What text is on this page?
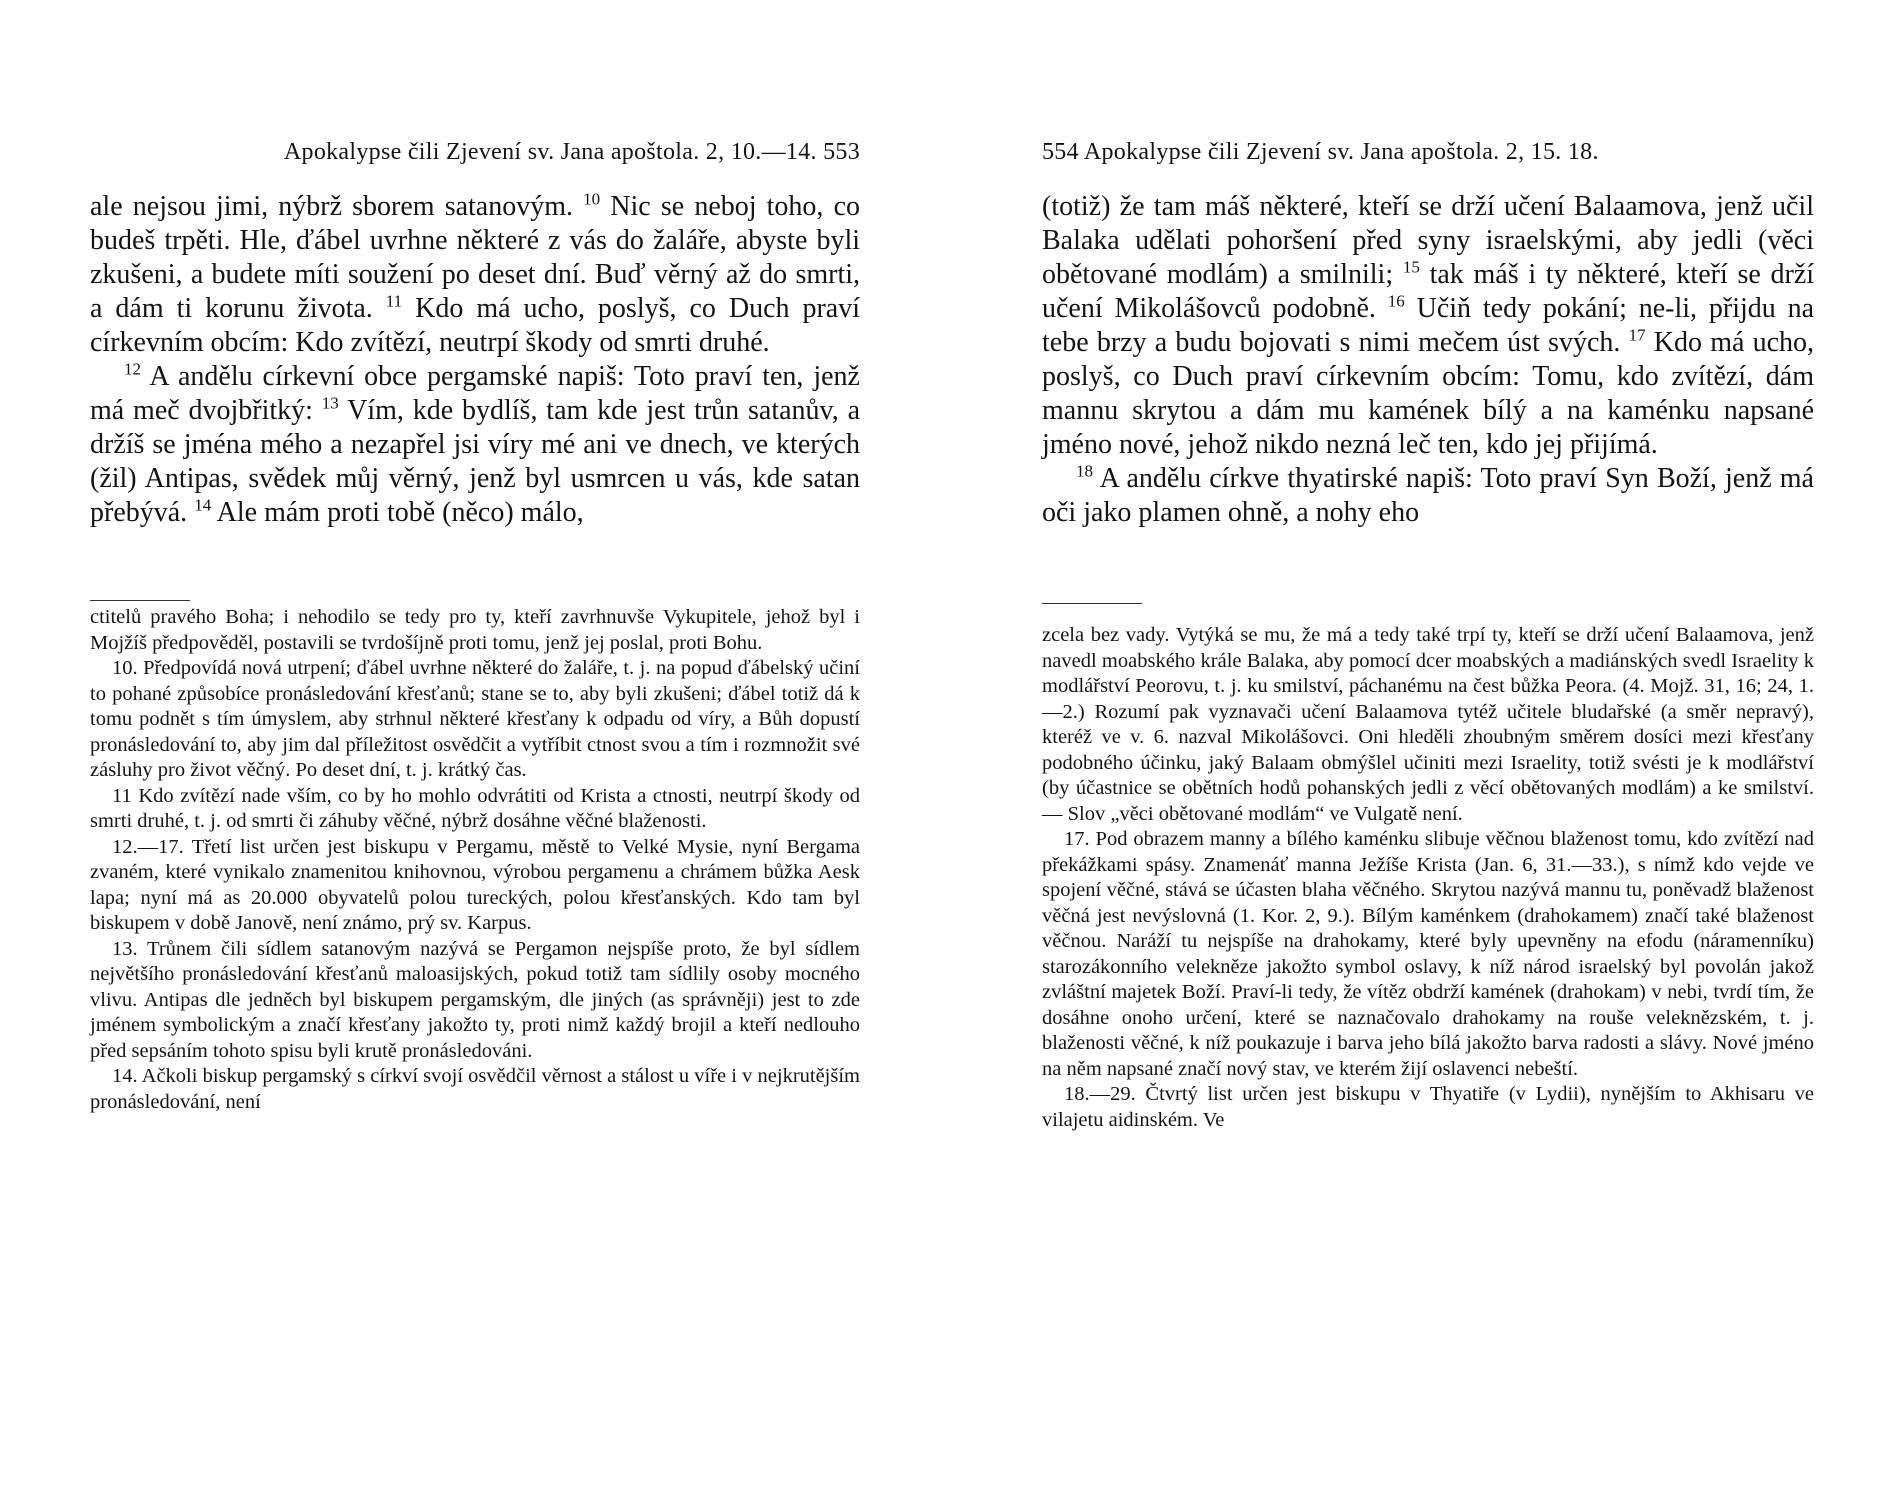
Apokalypse čili Zjevení sv. Jana apoštola. 2, 10.—14. 553

ale nejsou jimi, nýbrž sborem satanovým. $^{10}$ Nic se neboj toho, co budeš trpěti. Hle, ďábel uvrhne některé z vás do žaláře, abyste byli zkušeni, a budete míti soužení po deset dní. Buď věrný až do smrti, a dám ti korunu života. $^{11}$ Kdo má ucho, poslyš, co Duch praví církevním obcím: Kdo zvítězí, neutrpí škody od smrti druhé.

$^{12}$ A andělu církevní obce pergamské napiš: Toto praví ten, jenž má meč dvojbřitký: $^{13}$ Vím, kde bydlíš, tam kde jest trůn satanův, a držíš se jména mého a nezapřel jsi víry mé ani ve dnech, ve kterých (žil) Antipas, svědek můj věrný, jenž byl usmrcen u vás, kde satan přebývá. $^{14}$ Ale mám proti tobě (něco) málo,

ctitelů pravého Boha; i nehodilo se tedy pro ty, kteří zavrhnuvše Vykupitele, jehož byl i Mojžíš předpověděl, postavili se tvrdošíjně proti tomu, jenž jej poslal, proti Bohu.

10. Předpovídá nová utrpení; ďábel uvrhne některé do žaláře, t. j. na popud ďábelský učiní to pohané způsobíce pronásledování křesťanů; stane se to, aby byli zkušeni; ďábel totiž dá k tomu podnět s tím úmyslem, aby strhnul některé křesťany k odpadu od víry, a Bůh dopustí pronásledování to, aby jim dal příležitost osvědčit a vytříbit ctnost svou a tím i rozmnožit své zásluhy pro život věčný. Po deset dní, t. j. krátký čas.

11 Kdo zvítězí nade vším, co by ho mohlo odvrátiti od Krista a ctnosti, neutrpí škody od smrti druhé, t. j. od smrti či záhuby věčné, nýbrž dosáhne věčné blaženosti.

12.—17. Třetí list určen jest biskupu v Pergamu, městě to Velké Mysie, nyní Bergama zvaném, které vynikalo znamenitou knihovnou, výrobou pergamenu a chrámem bůžka Aesk lapa; nyní má as 20.000 obyvatelů polou tureckých, polou křesťanských. Kdo tam byl biskupem v době Janově, není známo, prý sv. Karpus.

13. Trůnem čili sídlem satanovým nazývá se Pergamon nejspíše proto, že byl sídlem největšího pronásledování křesťanů maloasijských, pokud totiž tam sídlily osoby mocného vlivu. Antipas dle jedněch byl biskupem pergamským, dle jiných (as správněji) jest to zde jménem symbolickým a značí křesťany jakožto ty, proti nimž každý brojil a kteří nedlouho před sepsáním tohoto spisu byli krutě pronásledováni.

14. Ačkoli biskup pergamský s církví svojí osvědčil věrnost a stálost u víře i v nejkrutějším pronásledování, není

554 Apokalypse čili Zjevení sv. Jana apoštola. 2, 15. 18.

(totiž) že tam máš některé, kteří se drží učení Balaamova, jenž učil Balaka udělati pohoršení před syny israelskými, aby jedli (věci obětované modlám) a smilnili; $^{15}$ tak máš i ty některé, kteří se drží učení Mikolášovců podobně. $^{16}$ Učiň tedy pokání; ne-li, přijdu na tebe brzy a budu bojovati s nimi mečem úst svých. $^{17}$ Kdo má ucho, poslyš, co Duch praví církevním obcím: Tomu, kdo zvítězí, dám mannu skrytou a dám mu kamének bílý a na kaménku napsané jméno nové, jehož nikdo nezná leč ten, kdo jej přijímá.

$^{18}$ A andělu církve thyatirské napiš: Toto praví Syn Boží, jenž má oči jako plamen ohně, a nohy eho

zcela bez vady. Vytýká se mu, že má a tedy také trpí ty, kteří se drží učení Balaamova, jenž navedl moabského krále Balaka, aby pomocí dcer moabských a madiánských svedl Israelity k modlářství Peorovu, t. j. ku smilství, páchanému na čest bůžka Peora. (4. Mojž. 31, 16; 24, 1.—2.) Rozumí pak vyznavači učení Balaamova tytéž učitele bludařské (a směr nepravý), kteréž ve v. 6. nazval Mikolášovci. Oni hleděli zhoubným směrem dosíci mezi křesťany podobného účinku, jaký Balaam obmýšlel učiniti mezi Israelity, totiž svésti je k modlářství (by účastnice se obětních hodů pohanských jedli z věcí obětovaných modlám) a ke smilství. — Slov „věci obětované modlám“ ve Vulgatě není.

17. Pod obrazem manny a bílého kaménku slibuje věčnou blaženost tomu, kdo zvítězí nad překážkami spásy. Znamenáť manna Ježíše Krista (Jan. 6, 31.—33.), s nímž kdo vejde ve spojení věčné, stává se účasten blaha věčného. Skrytou nazývá mannu tu, poněvadž blaženost věčná jest nevýslovná (1. Kor. 2, 9.). Bílým kaménkem (drahokamem) značí také blaženost věčnou. Naráží tu nejspíše na drahokamy, které byly upevněny na efodu (náramenníku) starozákonního velekněze jakožto symbol oslavy, k níž národ israelský byl povolán jakož zvláštní majetek Boží. Praví-li tedy, že vítěz obdrží kamének (drahokam) v nebi, tvrdí tím, že dosáhne onoho určení, které se naznačovalo drahokamy na rouše veleknězském, t. j. blaženosti věčné, k níž poukazuje i barva jeho bílá jakožto barva radosti a slávy. Nové jméno na něm napsané značí nový stav, ve kterém žijí oslavenci nebeští.

18.—29. Čtvrtý list určen jest biskupu v Thyatiře (v Lydii), nynějším to Akhisaru ve vilajetu aidinském. Ve
